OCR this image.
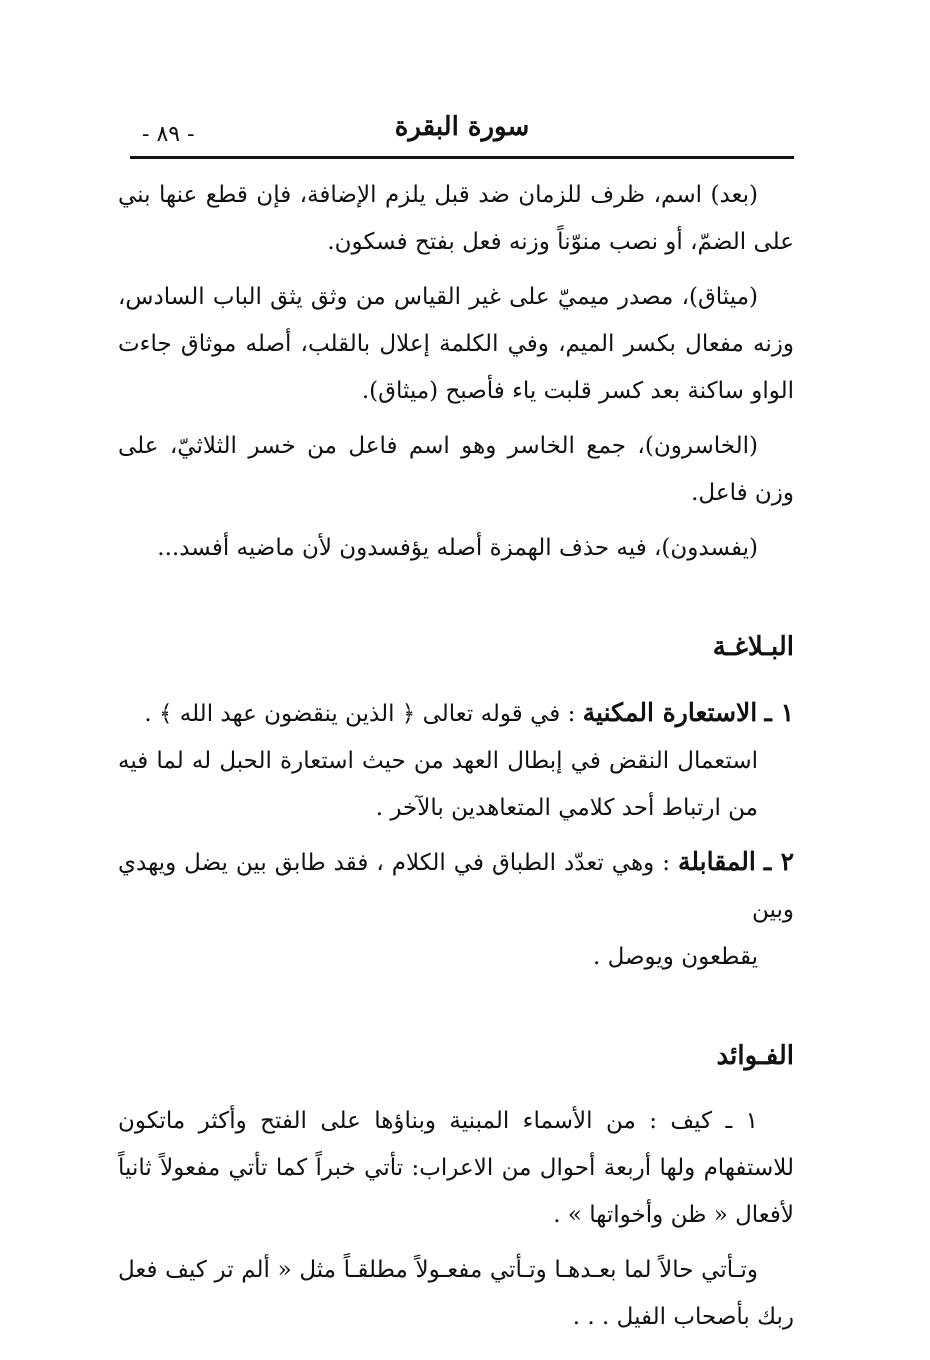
سورة البقرة
- ٨٩ -

(بعد) اسم، ظرف للزمان ضد قبل يلزم الإضافة، فإن قطع عنها بني على الضمّ، أو نصب منوّناً وزنه فعل بفتح فسكون.

(ميثاق)، مصدر ميميّ على غير القياس من وثق يثق الباب السادس، وزنه مفعال بكسر الميم، وفي الكلمة إعلال بالقلب، أصله موثاق جاءت الواو ساكنة بعد كسر قلبت ياء فأصبح (ميثاق).

(الخاسرون)، جمع الخاسر وهو اسم فاعل من خسر الثلاثيّ، على وزن فاعل.

(يفسدون)، فيه حذف الهمزة أصله يؤفسدون لأن ماضيه أفسد...

البـلاغـة
١ ـ الاستعارة المكنية : في قوله تعالى ﴿ الذين ينقضون عهد الله ﴾ .
استعمال النقض في إبطال العهد من حيث استعارة الحبل له لما فيه من ارتباط أحد كلامي المتعاهدين بالآخر .
٢ ـ المقابلة : وهي تعدّد الطباق في الكلام ، فقد طابق بين يضل ويهدي وبين
يقطعون ويوصل .
الفـوائد

١ ـ كيف : من الأسماء المبنية وبناؤها على الفتح وأكثر ماتكون للاستفهام ولها أربعة أحوال من الاعراب: تأتي خبراً كما تأتي مفعولاً ثانياً لأفعال « ظن وأخواتها » .

وتـأتي حالاً لما بعـدهـا وتـأتي مفعـولاً مطلقـاً مثل « ألم تر كيف فعل ربك بأصحاب الفيل . . .
